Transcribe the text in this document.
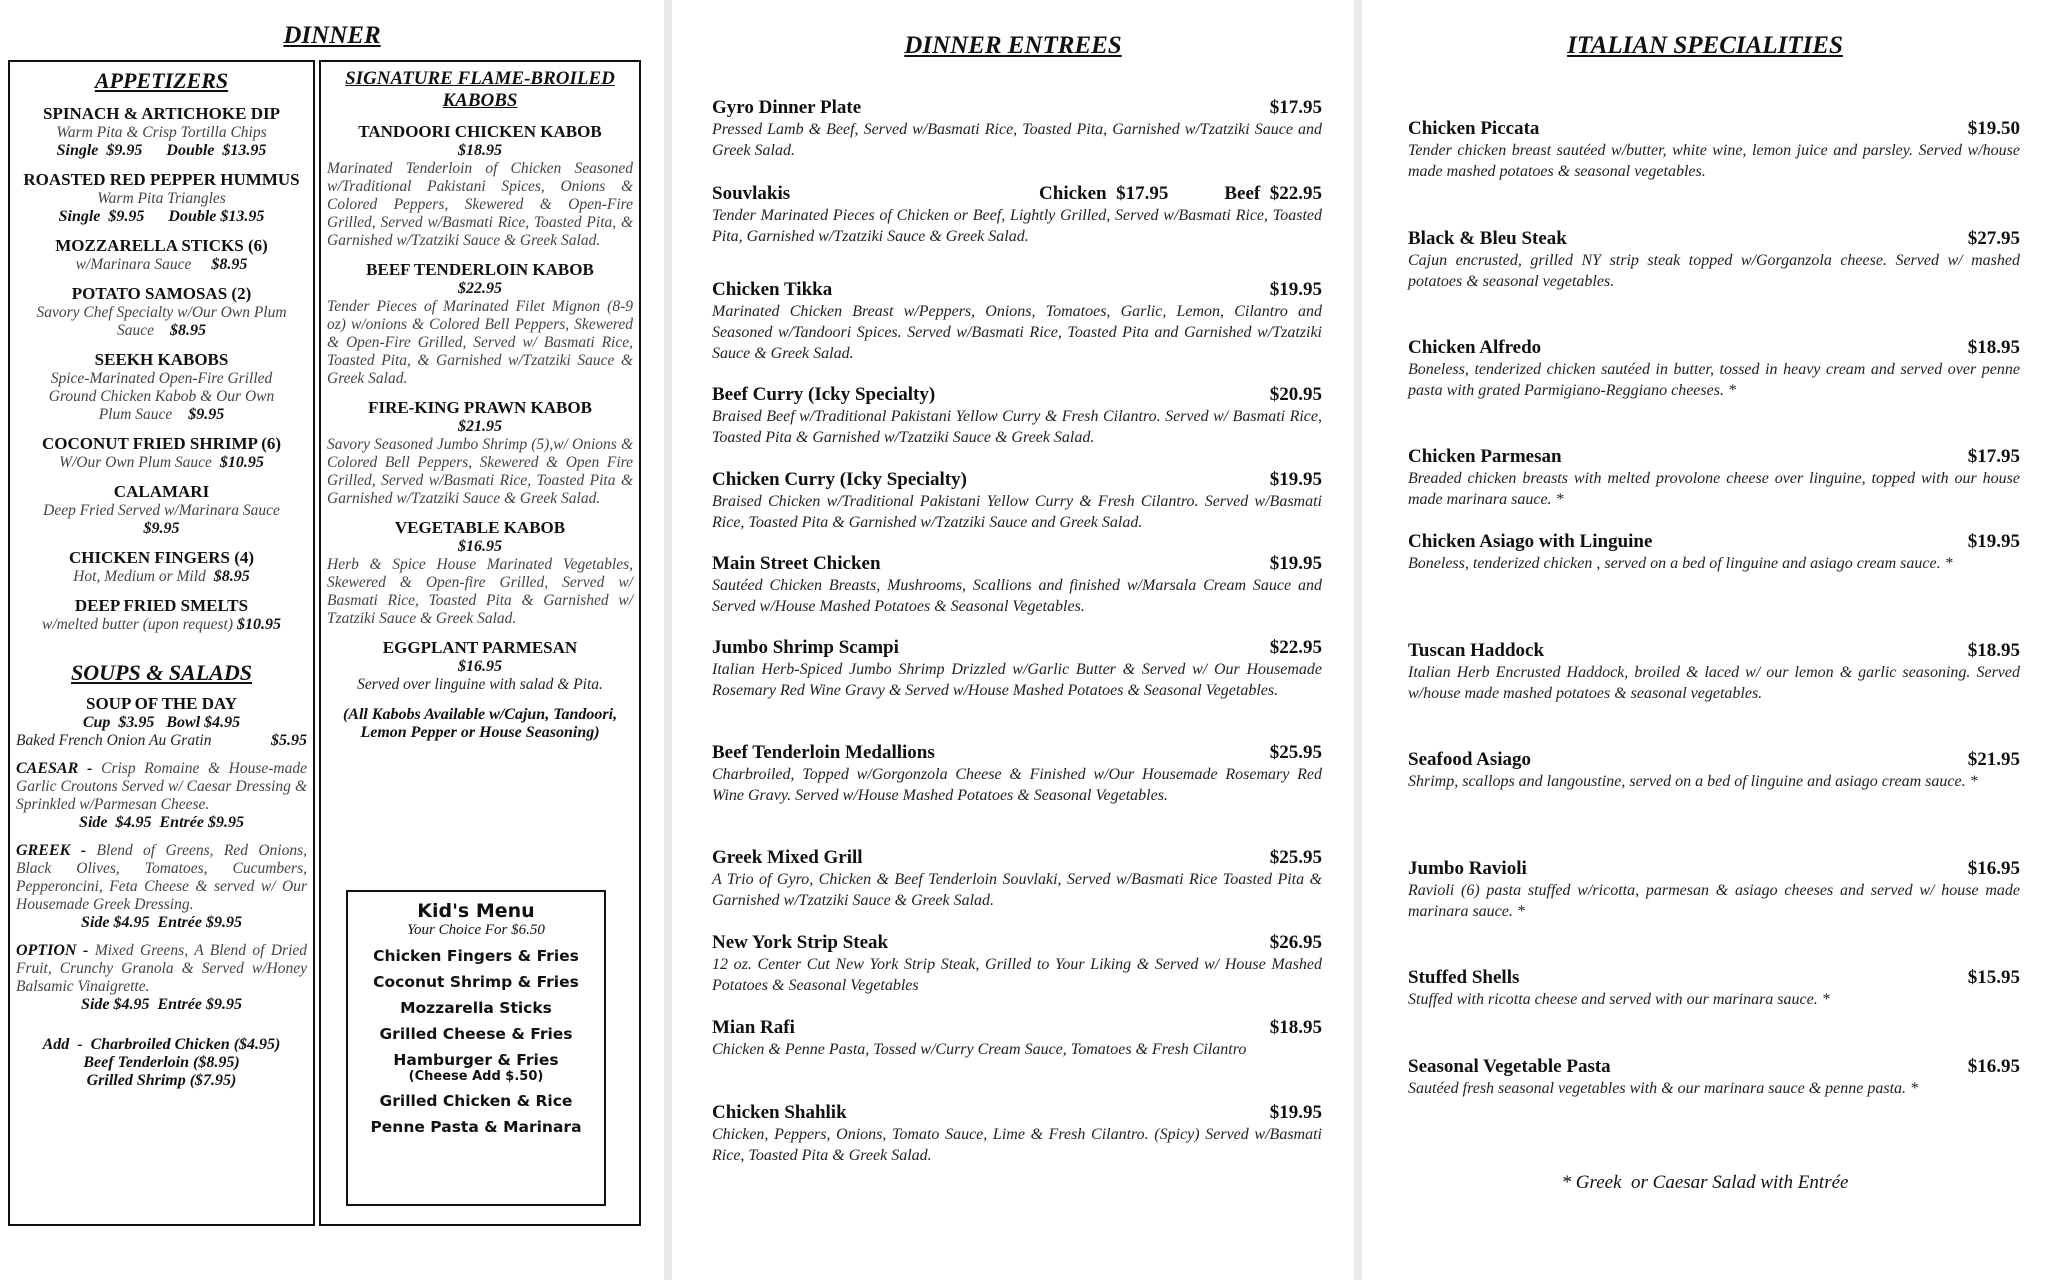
DINNER
APPETIZERS
SPINACH & ARTICHOKE DIP
Warm Pita & Crisp Tortilla Chips
Single  $9.95      Double  $13.95
ROASTED RED PEPPER HUMMUS
Warm Pita Triangles
Single  $9.95      Double $13.95
MOZZARELLA STICKS (6)
w/Marinara Sauce $8.95
POTATO SAMOSAS (2)
Savory Chef Specialty w/Our Own Plum Sauce $8.95
SEEKH KABOBS
Spice-Marinated Open-Fire Grilled Ground Chicken Kabob & Our Own Plum Sauce $9.95
COCONUT FRIED SHRIMP (6)
W/Our Own Plum Sauce $10.95
CALAMARI
Deep Fried Served w/Marinara Sauce
$9.95
CHICKEN FINGERS (4)
Hot, Medium or Mild $8.95
DEEP FRIED SMELTS
w/melted butter (upon request) $10.95
SOUPS & SALADS
SOUP OF THE DAY
Cup  $3.95   Bowl $4.95
Baked French Onion Au Gratin	$5.95
CAESAR - Crisp Romaine & House-made Garlic Croutons Served w/ Caesar Dressing & Sprinkled w/Parmesan Cheese.
Side  $4.95  Entrée $9.95
GREEK - Blend of Greens, Red Onions, Black Olives, Tomatoes, Cucumbers, Pepperoncini, Feta Cheese & served w/ Our Housemade Greek Dressing.
Side $4.95  Entrée $9.95
OPTION - Mixed Greens, A Blend of Dried Fruit, Crunchy Granola & Served w/Honey Balsamic Vinaigrette.
Side $4.95  Entrée $9.95
Add  -  Charbroiled Chicken ($4.95)
Beef Tenderloin ($8.95)
Grilled Shrimp ($7.95)
SIGNATURE FLAME-BROILED KABOBS
TANDOORI CHICKEN KABOB
$18.95
Marinated Tenderloin of Chicken Seasoned w/Traditional Pakistani Spices, Onions & Colored Peppers, Skewered & Open-Fire Grilled, Served w/Basmati Rice, Toasted Pita, & Garnished w/Tzatziki Sauce & Greek Salad.
BEEF TENDERLOIN KABOB
$22.95
Tender Pieces of Marinated Filet Mignon (8-9 oz) w/onions & Colored Bell Peppers, Skewered & Open-Fire Grilled, Served w/ Basmati Rice, Toasted Pita, & Garnished w/Tzatziki Sauce & Greek Salad.
FIRE-KING PRAWN KABOB
$21.95
Savory Seasoned Jumbo Shrimp (5),w/ Onions & Colored Bell Peppers, Skewered & Open Fire Grilled, Served w/Basmati Rice, Toasted Pita & Garnished w/Tzatziki Sauce & Greek Salad.
VEGETABLE KABOB
$16.95
Herb & Spice House Marinated Vegetables, Skewered & Open-fire Grilled, Served w/ Basmati Rice, Toasted Pita & Garnished w/ Tzatziki Sauce & Greek Salad.
EGGPLANT PARMESAN
$16.95
Served over linguine with salad & Pita.
(All Kabobs Available w/Cajun, Tandoori, Lemon Pepper or House Seasoning)
Kid's Menu
Your Choice For $6.50
Chicken Fingers & Fries
Coconut Shrimp & Fries
Mozzarella Sticks
Grilled Cheese & Fries
Hamburger & Fries
(Cheese Add $.50)
Grilled Chicken & Rice
Penne Pasta & Marinara
DINNER ENTREES
Gyro Dinner Plate	$17.95
Pressed Lamb & Beef, Served w/Basmati Rice, Toasted Pita, Garnished w/Tzatziki Sauce and Greek Salad.
Souvlakis	Chicken  $17.95	Beef  $22.95
Tender Marinated Pieces of Chicken or Beef, Lightly Grilled, Served w/Basmati Rice, Toasted Pita, Garnished w/Tzatziki Sauce & Greek Salad.
Chicken Tikka	$19.95
Marinated Chicken Breast w/Peppers, Onions, Tomatoes, Garlic, Lemon, Cilantro and Seasoned w/Tandoori Spices. Served w/Basmati Rice, Toasted Pita and Garnished w/Tzatziki Sauce & Greek Salad.
Beef Curry (Icky Specialty)	$20.95
Braised Beef w/Traditional Pakistani Yellow Curry & Fresh Cilantro. Served w/ Basmati Rice, Toasted Pita & Garnished w/Tzatziki Sauce & Greek Salad.
Chicken Curry (Icky Specialty)	$19.95
Braised Chicken w/Traditional Pakistani Yellow Curry & Fresh Cilantro. Served w/Basmati Rice, Toasted Pita & Garnished w/Tzatziki Sauce and Greek Salad.
Main Street Chicken	$19.95
Sautéed Chicken Breasts, Mushrooms, Scallions and finished w/Marsala Cream Sauce and Served w/House Mashed Potatoes & Seasonal Vegetables.
Jumbo Shrimp Scampi	$22.95
Italian Herb-Spiced Jumbo Shrimp Drizzled w/Garlic Butter & Served w/ Our Housemade Rosemary Red Wine Gravy & Served w/House Mashed Potatoes & Seasonal Vegetables.
Beef Tenderloin Medallions	$25.95
Charbroiled, Topped w/Gorgonzola Cheese & Finished w/Our Housemade Rosemary Red Wine Gravy. Served w/House Mashed Potatoes & Seasonal Vegetables.
Greek Mixed Grill	$25.95
A Trio of Gyro, Chicken & Beef Tenderloin Souvlaki, Served w/Basmati Rice Toasted Pita & Garnished w/Tzatziki Sauce & Greek Salad.
New York Strip Steak	$26.95
12 oz. Center Cut New York Strip Steak, Grilled to Your Liking & Served w/ House Mashed Potatoes & Seasonal Vegetables
Mian Rafi	$18.95
Chicken & Penne Pasta, Tossed w/Curry Cream Sauce, Tomatoes & Fresh Cilantro
Chicken Shahlik	$19.95
Chicken, Peppers, Onions, Tomato Sauce, Lime & Fresh Cilantro. (Spicy) Served w/Basmati Rice, Toasted Pita & Greek Salad.
ITALIAN SPECIALITIES
Chicken Piccata	$19.50
Tender chicken breast sautéed w/butter, white wine, lemon juice and parsley. Served w/house made mashed potatoes & seasonal vegetables.
Black & Bleu Steak	$27.95
Cajun encrusted, grilled NY strip steak topped w/Gorganzola cheese. Served w/ mashed potatoes & seasonal vegetables.
Chicken Alfredo	$18.95
Boneless, tenderized chicken sautéed in butter, tossed in heavy cream and served over penne pasta with grated Parmigiano-Reggiano cheeses. *
Chicken Parmesan	$17.95
Breaded chicken breasts with melted provolone cheese over linguine, topped with our house made marinara sauce. *
Chicken Asiago with Linguine	$19.95
Boneless, tenderized chicken , served on a bed of linguine and asiago cream sauce. *
Tuscan Haddock	$18.95
Italian Herb Encrusted Haddock, broiled & laced w/ our lemon & garlic seasoning. Served w/house made mashed potatoes & seasonal vegetables.
Seafood Asiago	$21.95
Shrimp, scallops and langoustine, served on a bed of linguine and asiago cream sauce. *
Jumbo Ravioli	$16.95
Ravioli (6) pasta stuffed w/ricotta, parmesan & asiago cheeses and served w/ house made marinara sauce. *
Stuffed Shells	$15.95
Stuffed with ricotta cheese and served with our marinara sauce. *
Seasonal Vegetable Pasta	$16.95
Sautéed fresh seasonal vegetables with & our marinara sauce & penne pasta. *
* Greek  or Caesar Salad with Entrée
